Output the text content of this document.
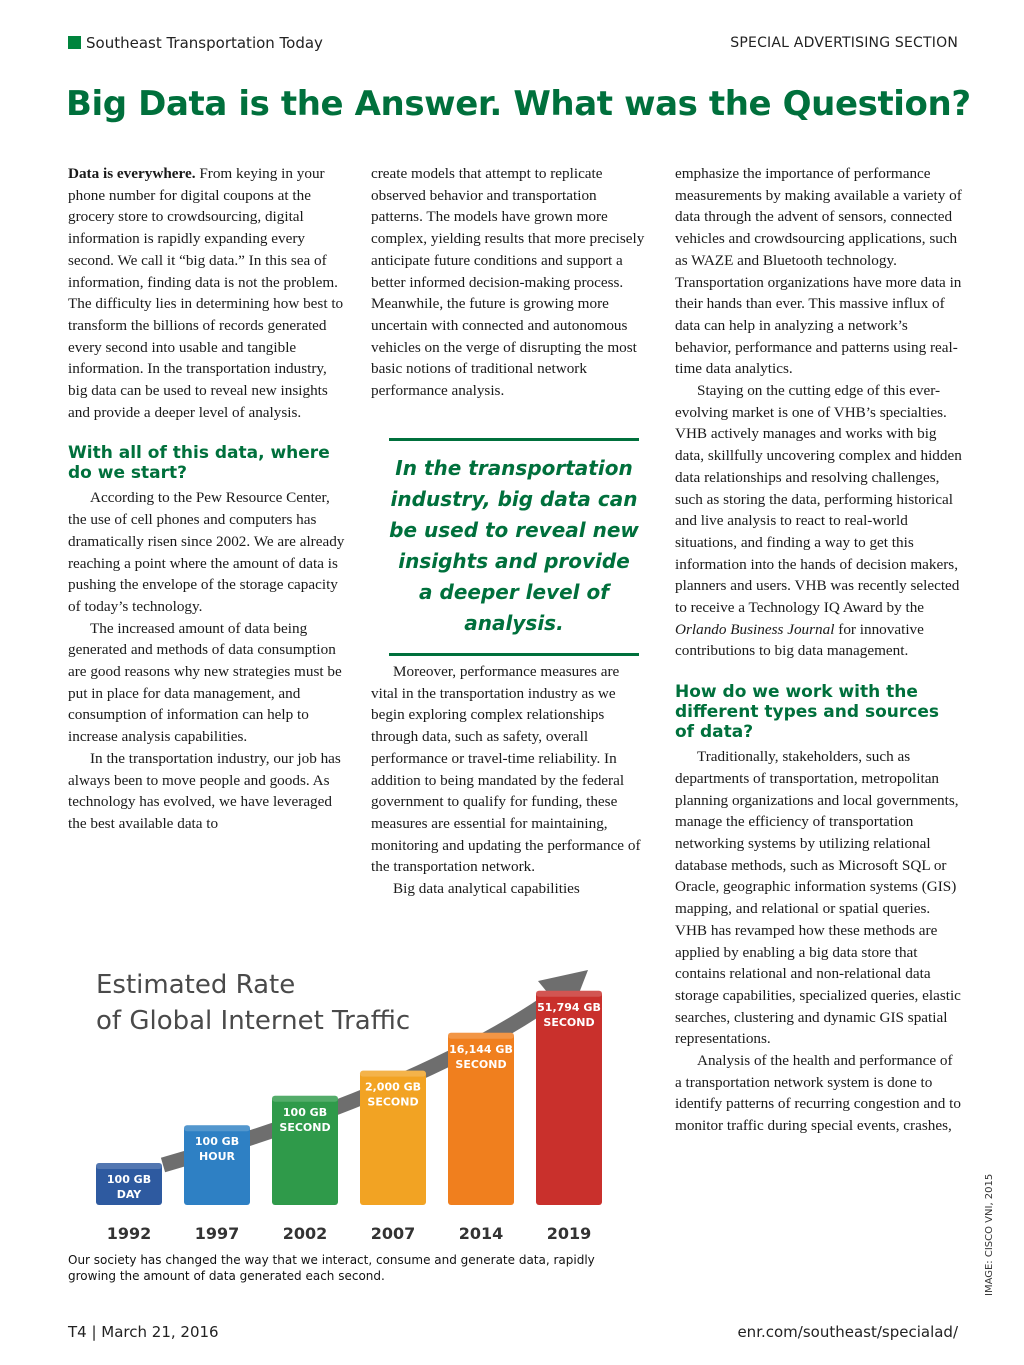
Southeast Transportation Today	SPECIAL ADVERTISING SECTION
Big Data is the Answer. What was the Question?

Data is everywhere. From keying in your phone number for digital coupons at the grocery store to crowdsourcing, digital information is rapidly expanding every second. We call it “big data.” In this sea of information, finding data is not the problem. The difficulty lies in determining how best to transform the billions of records generated every second into usable and tangible information. In the transportation industry, big data can be used to reveal new insights and provide a deeper level of analysis.

With all of this data, where do we start?

According to the Pew Resource Center, the use of cell phones and computers has dramatically risen since 2002. We are already reaching a point where the amount of data is pushing the envelope of the storage capacity of today’s technology.

The increased amount of data being generated and methods of data consumption are good reasons why new strategies must be put in place for data management, and consumption of information can help to increase analysis capabilities.

In the transportation industry, our job has always been to move people and goods. As technology has evolved, we have leveraged the best available data to

create models that attempt to replicate observed behavior and transportation patterns. The models have grown more complex, yielding results that more precisely anticipate future conditions and support a better informed decision-making process. Meanwhile, the future is growing more uncertain with connected and autonomous vehicles on the verge of disrupting the most basic notions of traditional network performance analysis.

In the transportation industry, big data can be used to reveal new insights and provide a deeper level of analysis.

Moreover, performance measures are vital in the transportation industry as we begin exploring complex relationships through data, such as safety, overall performance or travel-time reliability. In addition to being mandated by the federal government to qualify for funding, these measures are essential for maintaining, monitoring and updating the performance of the transportation network.

Big data analytical capabilities

emphasize the importance of performance measurements by making available a variety of data through the advent of sensors, connected vehicles and crowdsourcing applications, such as WAZE and Bluetooth technology. Transportation organizations have more data in their hands than ever. This massive influx of data can help in analyzing a network’s behavior, performance and patterns using real-time data analytics.

Staying on the cutting edge of this ever-evolving market is one of VHB’s specialties. VHB actively manages and works with big data, skillfully uncovering complex and hidden data relationships and resolving challenges, such as storing the data, performing historical and live analysis to react to real-world situations, and finding a way to get this information into the hands of decision makers, planners and users. VHB was recently selected to receive a Technology IQ Award by the Orlando Business Journal for innovative contributions to big data management.

How do we work with the different types and sources of data?

Traditionally, stakeholders, such as departments of transportation, metropolitan planning organizations and local governments, manage the efficiency of transportation networking systems by utilizing relational database methods, such as Microsoft SQL or Oracle, geographic information systems (GIS) mapping, and relational or spatial queries. VHB has revamped how these methods are applied by enabling a big data store that contains relational and non-relational data storage capabilities, specialized queries, elastic searches, clustering and dynamic GIS spatial representations.

Analysis of the health and performance of a transportation network system is done to identify patterns of recurring congestion and to monitor traffic during special events, crashes,

Estimated Rate
of Global Internet Traffic
100 GB
DAY
1992
100 GB
HOUR
1997
100 GB
SECOND
2002
2,000 GB
SECOND
2007
16,144 GB
SECOND
2014
51,794 GB
SECOND
2019

Our society has changed the way that we interact, consume and generate data, rapidly growing the amount of data generated each second.	IMAGE: CISCO VNI, 2015
T4 | March 21, 2016	enr.com/southeast/specialad/
